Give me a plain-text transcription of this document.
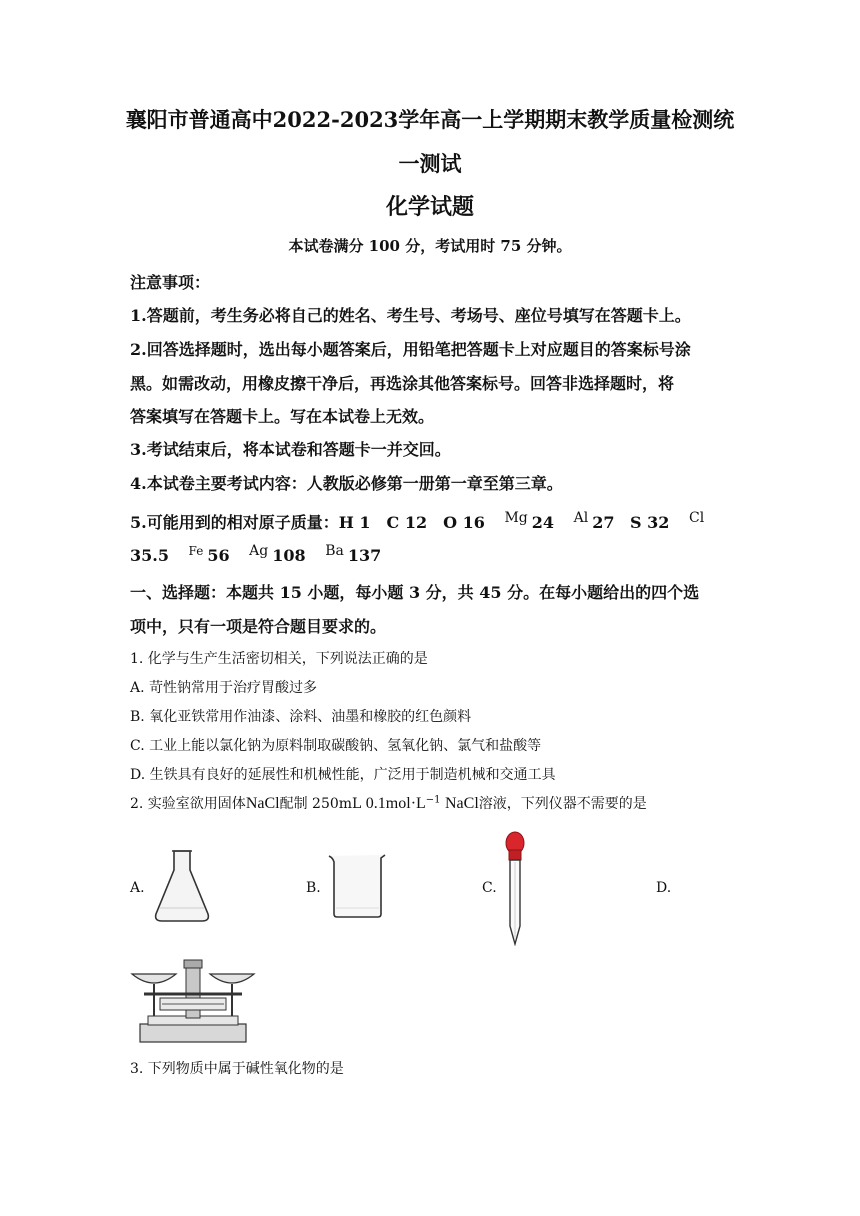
襄阳市普通高中2022-2023学年高一上学期期末教学质量检测统
一测试
化学试题
本试卷满分 100 分，考试用时 75 分钟。
注意事项：
1.答题前，考生务必将自己的姓名、考生号、考场号、座位号填写在答题卡上。
2.回答选择题时，选出每小题答案后，用铅笔把答题卡上对应题目的答案标号涂
黑。如需改动，用橡皮擦干净后，再选涂其他答案标号。回答非选择题时，将
答案填写在答题卡上。写在本试卷上无效。
3.考试结束后，将本试卷和答题卡一并交回。
4.本试卷主要考试内容：人教版必修第一册第一章至第三章。
5.可能用到的相对原子质量：H 1　C 12　O 16 Mg 24 Al 27 S 32 Cl
35.5 $^{Fe}$ 56 Ag 108 Ba 137
一、选择题：本题共 15 小题，每小题 3 分，共 45 分。在每小题给出的四个选
项中，只有一项是符合题目要求的。
1. 化学与生产生活密切相关，下列说法正确的是
A. 苛性钠常用于治疗胃酸过多
B. 氧化亚铁常用作油漆、涂料、油墨和橡胶的红色颜料
C. 工业上能以氯化钠为原料制取碳酸钠、氢氧化钠、氯气和盐酸等
D. 生铁具有良好的延展性和机械性能，广泛用于制造机械和交通工具
2. 实验室欲用固体NaCl配制 250mL $0.1mol\cdot L^{-1}$ NaCl溶液，下列仪器不需要的是
A.	B.	C.	D.
3. 下列物质中属于碱性氧化物的是
